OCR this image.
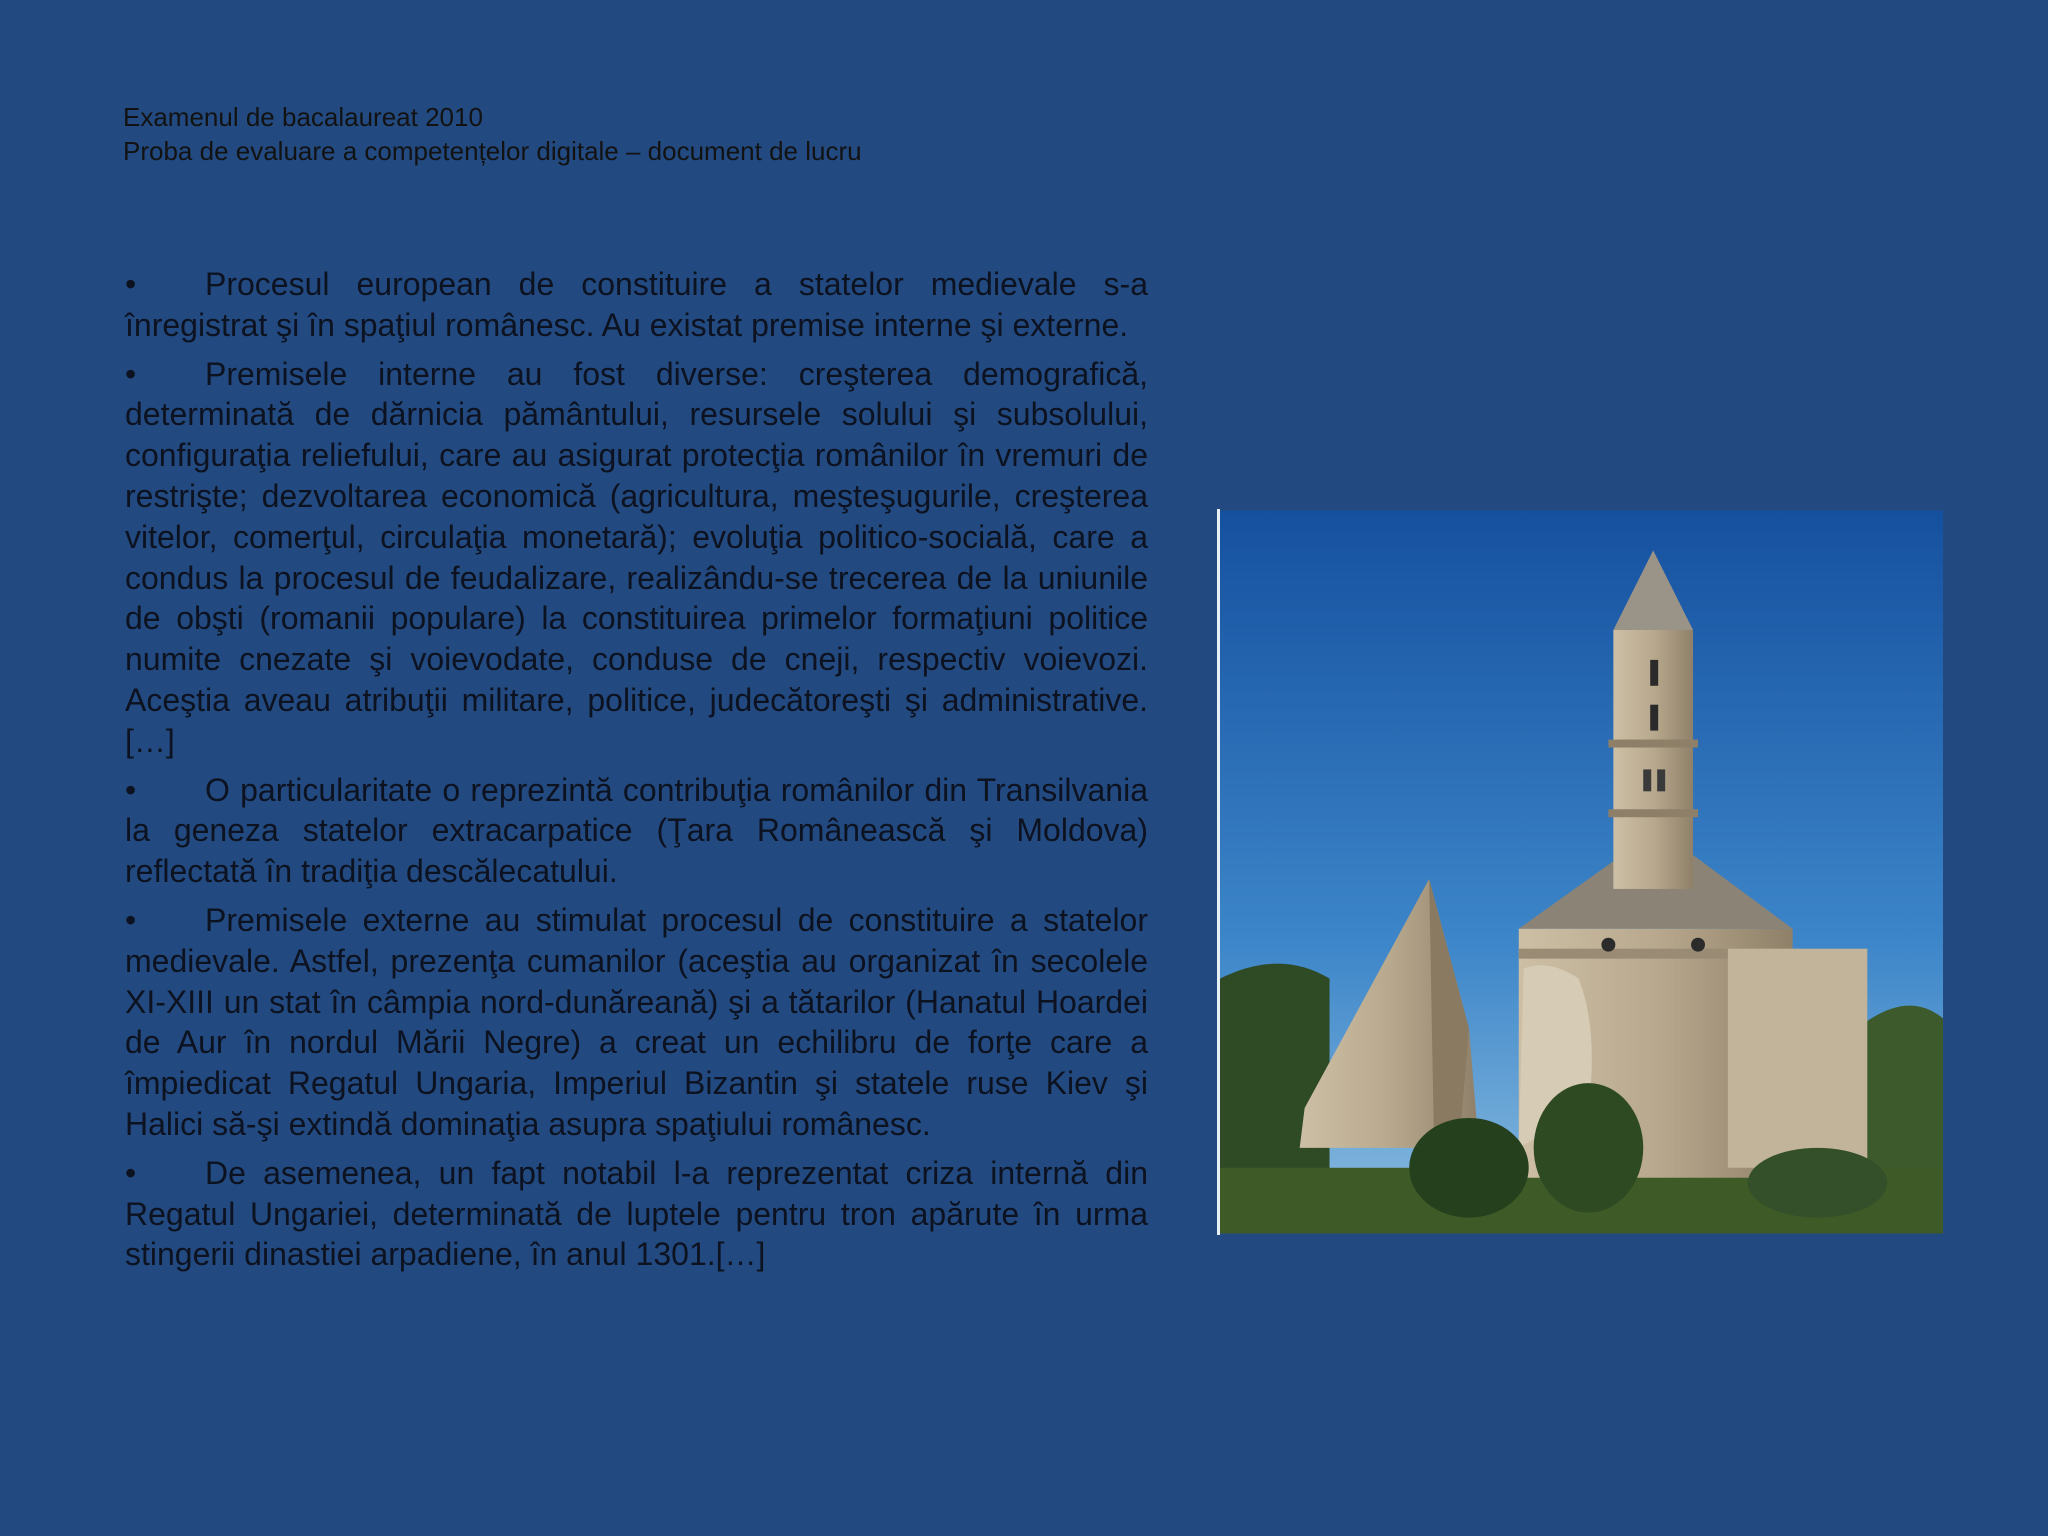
Examenul de bacalaureat 2010
Proba de evaluare a competențelor digitale – document de lucru

• Procesul european de constituire a statelor medievale s-a înregistrat şi în spaţiul românesc. Au existat premise interne şi externe.

• Premisele interne au fost diverse: creşterea demografică, determinată de dărnicia pământului, resursele solului şi subsolului, configuraţia reliefului, care au asigurat protecţia românilor în vremuri de restrişte; dezvoltarea economică (agricultura, meşteşugurile, creşterea vitelor, comerţul, circulaţia monetară); evoluţia politico-socială, care a condus la procesul de feudalizare, realizându-se trecerea de la uniunile de obşti (romanii populare) la constituirea primelor formaţiuni politice numite cnezate şi voievodate, conduse de cneji, respectiv voievozi. Aceştia aveau atribuţii militare, politice, judecătoreşti şi administrative.[…]

• O particularitate o reprezintă contribuţia românilor din Transilvania la geneza statelor extracarpatice (Ţara Românească şi Moldova) reflectată în tradiţia descălecatului.

• Premisele externe au stimulat procesul de constituire a statelor medievale. Astfel, prezenţa cumanilor (aceştia au organizat în secolele XI-XIII un stat în câmpia nord-dunăreană) şi a tătarilor (Hanatul Hoardei de Aur în nordul Mării Negre) a creat un echilibru de forţe care a împiedicat Regatul Ungaria, Imperiul Bizantin şi statele ruse Kiev şi Halici să-şi extindă dominaţia asupra spaţiului românesc.

• De asemenea, un fapt notabil l-a reprezentat criza internă din Regatul Ungariei, determinată de luptele pentru tron apărute în urma stingerii dinastiei arpadiene, în anul 1301.[…]
